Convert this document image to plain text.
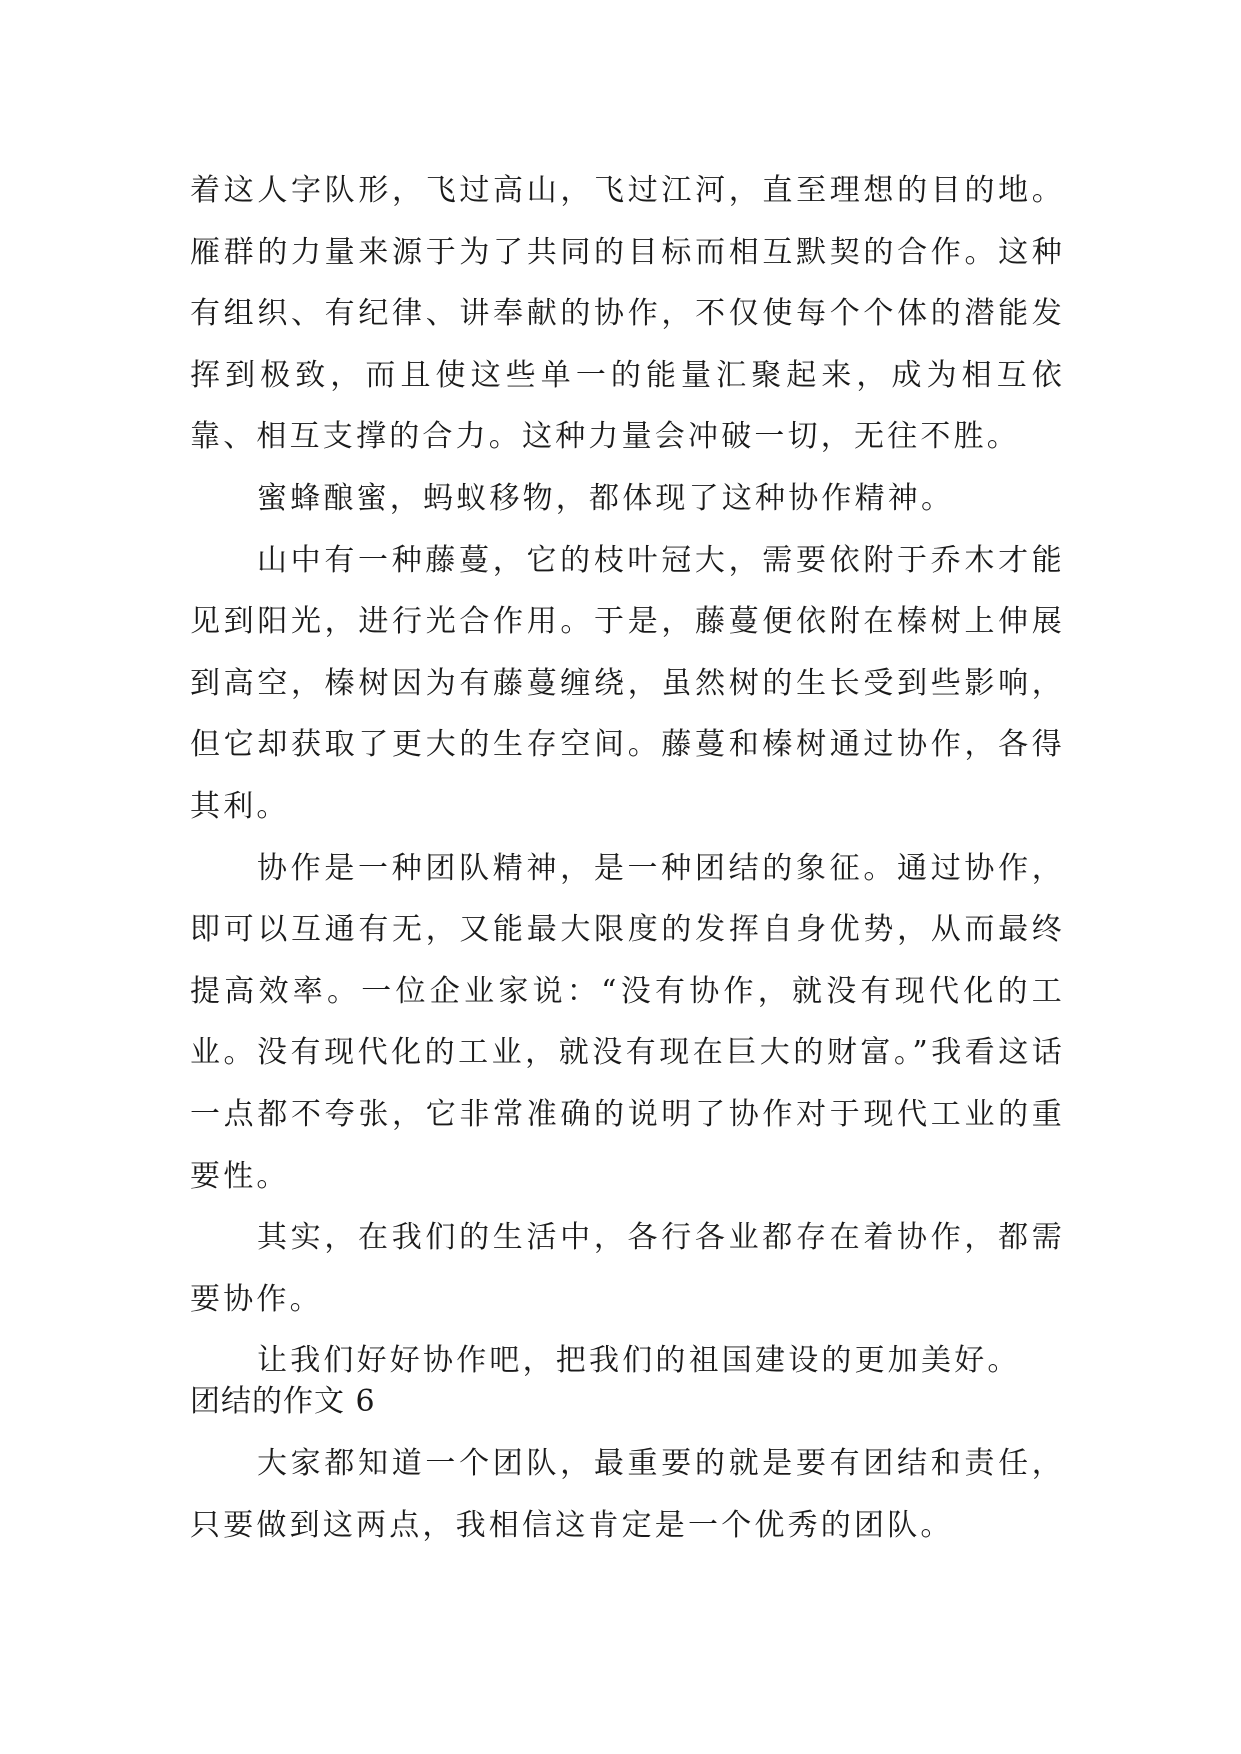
着这人字队形，飞过高山，飞过江河，直至理想的目的地。雁群的力量来源于为了共同的目标而相互默契的合作。这种有组织、有纪律、讲奉献的协作，不仅使每个个体的潜能发挥到极致，而且使这些单一的能量汇聚起来，成为相互依靠、相互支撑的合力。这种力量会冲破一切，无往不胜。

蜜蜂酿蜜，蚂蚁移物，都体现了这种协作精神。

山中有一种藤蔓，它的枝叶冠大，需要依附于乔木才能见到阳光，进行光合作用。于是，藤蔓便依附在榛树上伸展到高空，榛树因为有藤蔓缠绕，虽然树的生长受到些影响，但它却获取了更大的生存空间。藤蔓和榛树通过协作，各得其利。

协作是一种团队精神，是一种团结的象征。通过协作，即可以互通有无，又能最大限度的发挥自身优势，从而最终提高效率。一位企业家说：“没有协作，就没有现代化的工业。没有现代化的工业，就没有现在巨大的财富。”我看这话一点都不夸张，它非常准确的说明了协作对于现代工业的重要性。

其实，在我们的生活中，各行各业都存在着协作，都需要协作。

让我们好好协作吧，把我们的祖国建设的更加美好。

团结的作文 6

大家都知道一个团队，最重要的就是要有团结和责任，只要做到这两点，我相信这肯定是一个优秀的团队。
